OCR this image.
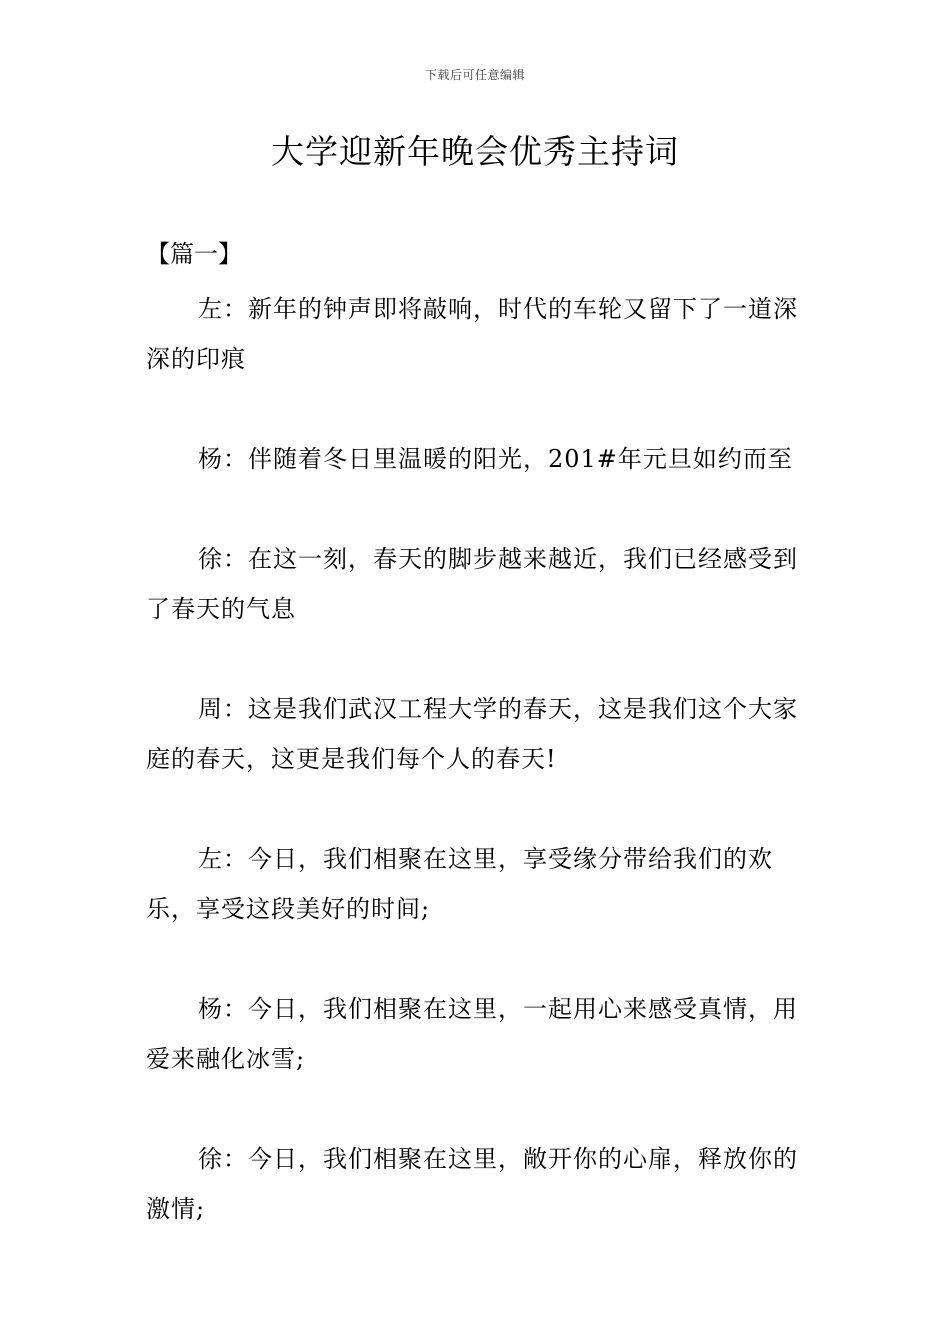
下载后可任意编辑
大学迎新年晚会优秀主持词
【篇一】

左：新年的钟声即将敲响，时代的车轮又留下了一道深深的印痕

杨：伴随着冬日里温暖的阳光，201#年元旦如约而至

徐：在这一刻，春天的脚步越来越近，我们已经感受到了春天的气息

周：这是我们武汉工程大学的春天，这是我们这个大家庭的春天，这更是我们每个人的春天!

左：今日，我们相聚在这里，享受缘分带给我们的欢乐，享受这段美好的时间;

杨：今日，我们相聚在这里，一起用心来感受真情，用爱来融化冰雪;

徐：今日，我们相聚在这里，敞开你的心扉，释放你的激情;
